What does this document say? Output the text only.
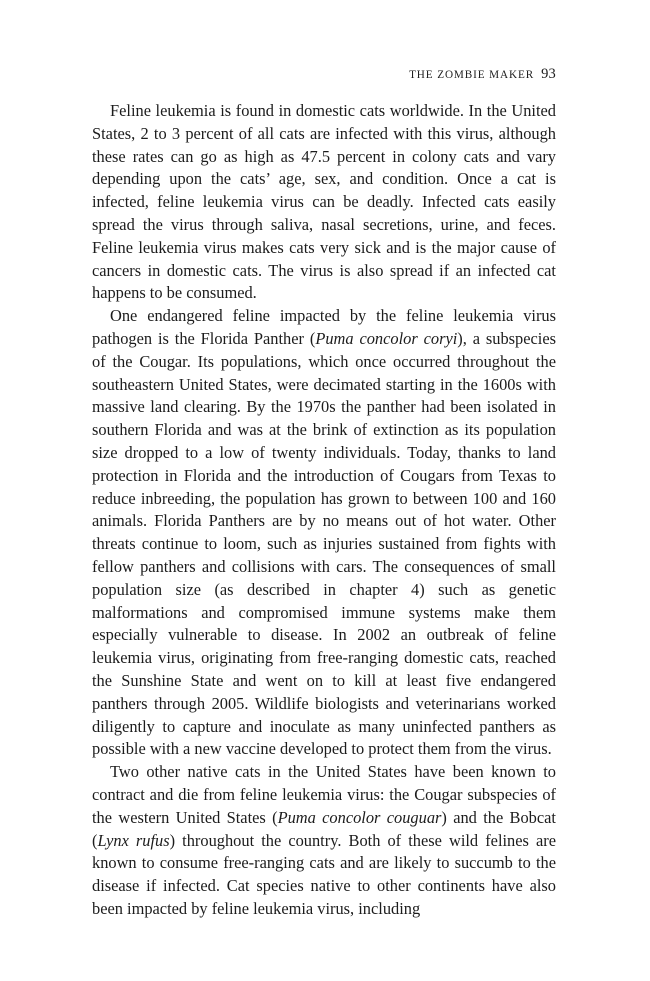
THE ZOMBIE MAKER 93

Feline leukemia is found in domestic cats worldwide. In the United States, 2 to 3 percent of all cats are infected with this virus, although these rates can go as high as 47.5 percent in colony cats and vary depending upon the cats’ age, sex, and condition. Once a cat is infected, feline leukemia virus can be deadly. Infected cats easily spread the virus through saliva, nasal secretions, urine, and feces. Feline leukemia virus makes cats very sick and is the major cause of cancers in domestic cats. The virus is also spread if an infected cat happens to be consumed.

One endangered feline impacted by the feline leukemia virus pathogen is the Florida Panther (Puma concolor coryi), a subspecies of the Cougar. Its populations, which once occurred throughout the southeastern United States, were decimated starting in the 1600s with massive land clearing. By the 1970s the panther had been isolated in southern Florida and was at the brink of extinction as its population size dropped to a low of twenty individuals. Today, thanks to land protection in Florida and the introduction of Cougars from Texas to reduce inbreeding, the population has grown to between 100 and 160 animals. Florida Panthers are by no means out of hot water. Other threats continue to loom, such as injuries sustained from fights with fellow panthers and collisions with cars. The consequences of small population size (as described in chapter 4) such as genetic malformations and compromised immune systems make them especially vulnerable to disease. In 2002 an outbreak of feline leukemia virus, originating from free-ranging domestic cats, reached the Sunshine State and went on to kill at least five endangered panthers through 2005. Wildlife biologists and veterinarians worked diligently to capture and inoculate as many uninfected panthers as possible with a new vaccine developed to protect them from the virus.

Two other native cats in the United States have been known to contract and die from feline leukemia virus: the Cougar subspecies of the western United States (Puma concolor couguar) and the Bobcat (Lynx rufus) throughout the country. Both of these wild felines are known to consume free-ranging cats and are likely to succumb to the disease if infected. Cat species native to other continents have also been impacted by feline leukemia virus, including
